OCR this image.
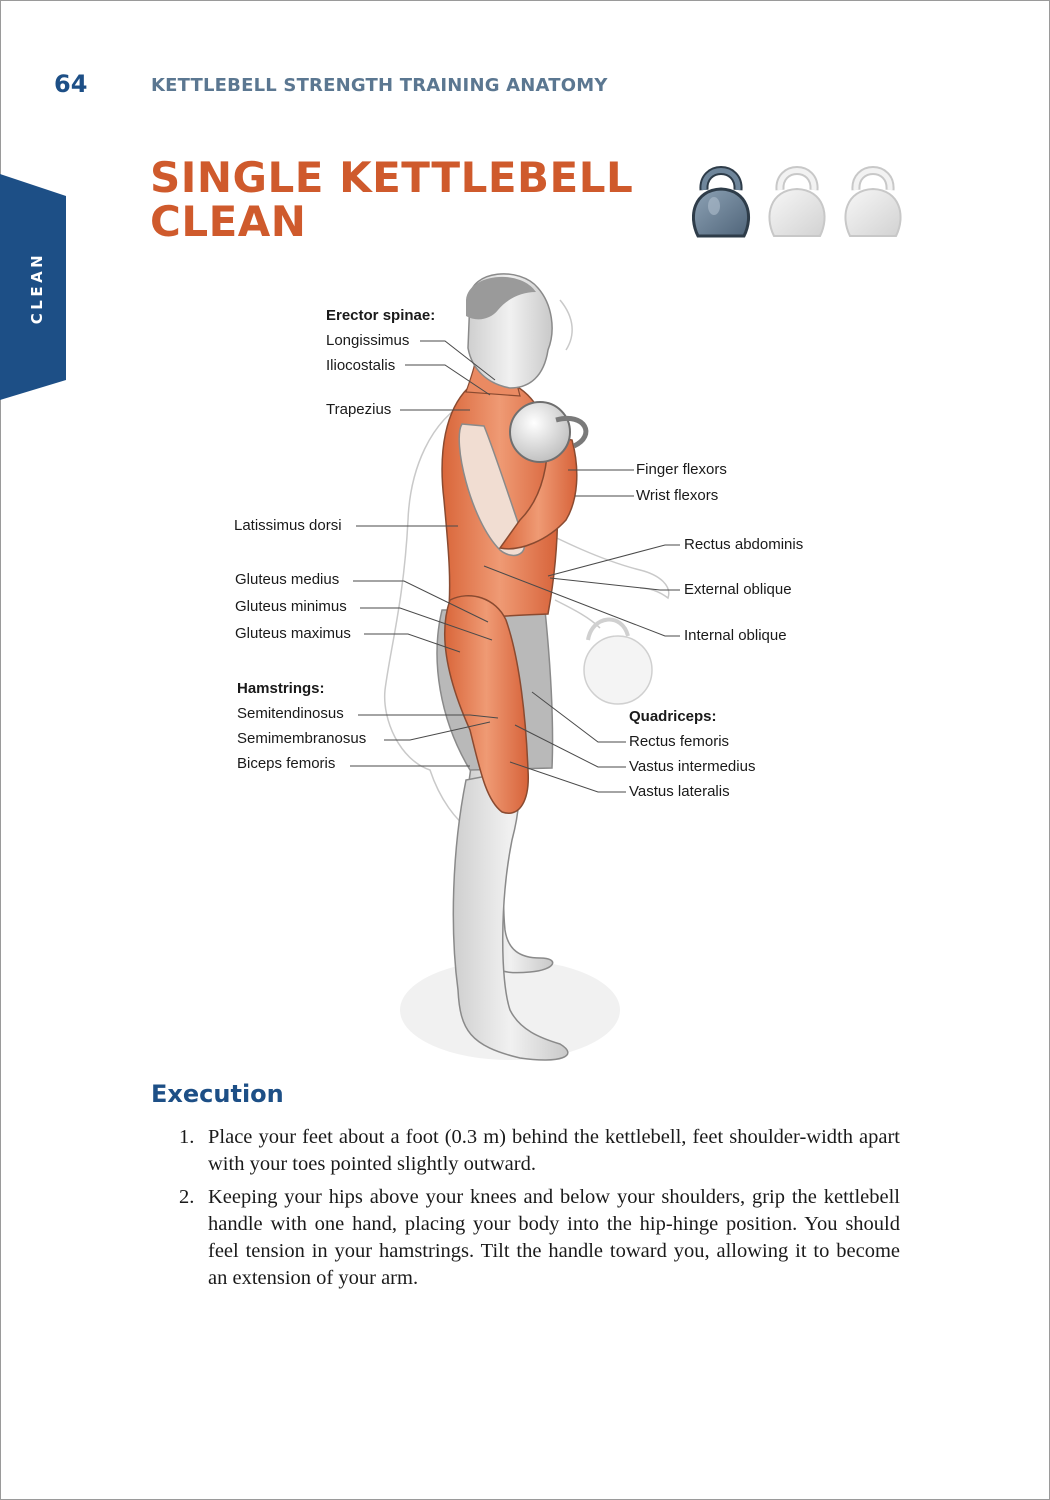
64	KETTLEBELL STRENGTH TRAINING ANATOMY
CLEAN
SINGLE KETTLEBELL
CLEAN
Erector spinae:
Longissimus
Iliocostalis
Trapezius
Finger flexors
Wrist flexors
Latissimus dorsi
Rectus abdominis
Gluteus medius
External oblique
Gluteus minimus
Gluteus maximus	Internal oblique
Hamstrings:
Quadriceps:
Semitendinosus
Rectus femoris
Semimembranosus
Vastus intermedius
Biceps femoris
Vastus lateralis
Execution
1. Place your feet about a foot (0.3 m) behind the kettlebell, feet shoulder-width apart with your toes pointed slightly outward.
2. Keeping your hips above your knees and below your shoulders, grip the kettlebell handle with one hand, placing your body into the hip-hinge position. You should feel tension in your hamstrings. Tilt the handle toward you, allowing it to become an extension of your arm.
